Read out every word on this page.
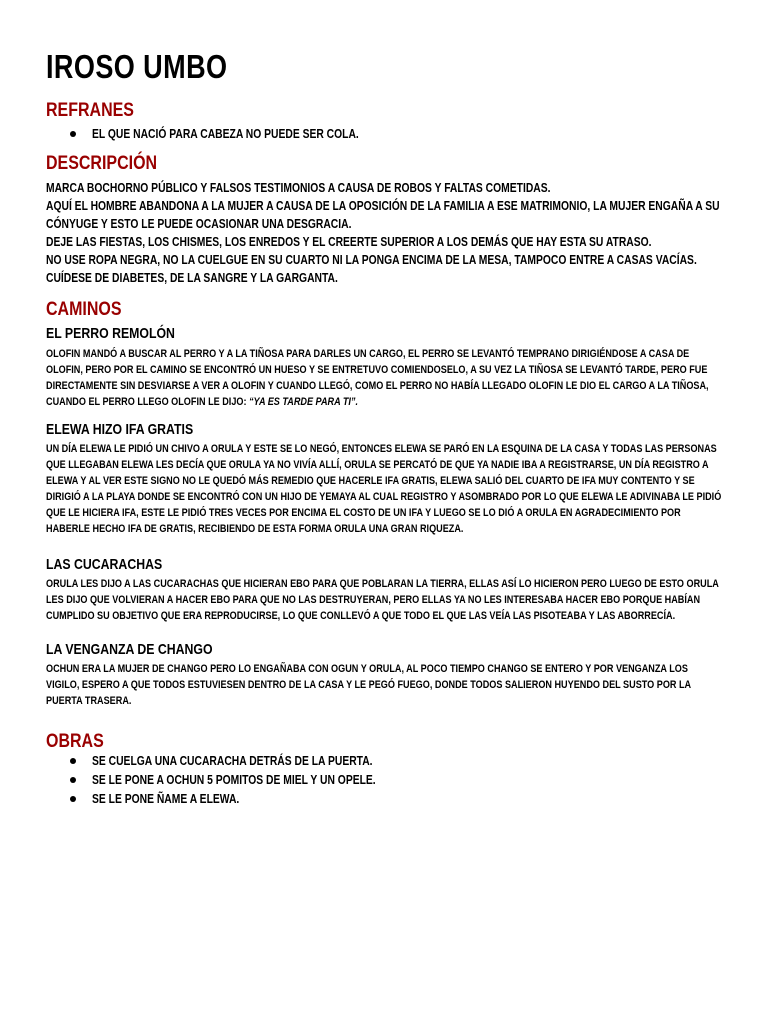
IROSO UMBO
REFRANES
EL QUE NACIÓ PARA CABEZA NO PUEDE SER COLA.
DESCRIPCIÓN

MARCA BOCHORNO PÚBLICO Y FALSOS TESTIMONIOS A CAUSA DE ROBOS Y FALTAS COMETIDAS.

AQUÍ EL HOMBRE ABANDONA A LA MUJER A CAUSA DE LA OPOSICIÓN DE LA FAMILIA A ESE MATRIMONIO, LA MUJER ENGAÑA A SU CÓNYUGE Y ESTO LE PUEDE OCASIONAR UNA DESGRACIA.

DEJE LAS FIESTAS, LOS CHISMES, LOS ENREDOS Y EL CREERTE SUPERIOR A LOS DEMÁS QUE HAY ESTA SU ATRASO.

NO USE ROPA NEGRA, NO LA CUELGUE EN SU CUARTO NI LA PONGA ENCIMA DE LA MESA, TAMPOCO ENTRE A CASAS VACÍAS.

CUÍDESE DE DIABETES, DE LA SANGRE Y LA GARGANTA.

CAMINOS
EL PERRO REMOLÓN

OLOFIN MANDÓ A BUSCAR AL PERRO Y A LA TIÑOSA PARA DARLES UN CARGO, EL PERRO SE LEVANTÓ TEMPRANO DIRIGIÉNDOSE A CASA DE OLOFIN, PERO POR EL CAMINO SE ENCONTRÓ UN HUESO Y SE ENTRETUVO COMIENDOSELO, A SU VEZ LA TIÑOSA SE LEVANTÓ TARDE, PERO FUE DIRECTAMENTE SIN DESVIARSE A VER A OLOFIN Y CUANDO LLEGÓ, COMO EL PERRO NO HABÍA LLEGADO OLOFIN LE DIO EL CARGO A LA TIÑOSA, CUANDO EL PERRO LLEGO OLOFIN LE DIJO: “YA ES TARDE PARA TI”.

ELEWA HIZO IFA GRATIS

UN DÍA ELEWA LE PIDIÓ UN CHIVO A ORULA Y ESTE SE LO NEGÓ, ENTONCES ELEWA SE PARÓ EN LA ESQUINA DE LA CASA Y TODAS LAS PERSONAS QUE LLEGABAN ELEWA LES DECÍA QUE ORULA YA NO VIVÍA ALLÍ, ORULA SE PERCATÓ DE QUE YA NADIE IBA A REGISTRARSE, UN DÍA REGISTRO A ELEWA Y AL VER ESTE SIGNO NO LE QUEDÓ MÁS REMEDIO QUE HACERLE IFA GRATIS, ELEWA SALIÓ DEL CUARTO DE IFA MUY CONTENTO Y SE DIRIGIÓ A LA PLAYA DONDE SE ENCONTRÓ CON UN HIJO DE YEMAYA AL CUAL REGISTRO Y ASOMBRADO POR LO QUE ELEWA LE ADIVINABA LE PIDIÓ QUE LE HICIERA IFA, ESTE LE PIDIÓ TRES VECES POR ENCIMA EL COSTO DE UN IFA Y LUEGO SE LO DIÓ A ORULA EN AGRADECIMIENTO POR HABERLE HECHO IFA DE GRATIS, RECIBIENDO DE ESTA FORMA ORULA UNA GRAN RIQUEZA.

LAS CUCARACHAS

ORULA LES DIJO A LAS CUCARACHAS QUE HICIERAN EBO PARA QUE POBLARAN LA TIERRA, ELLAS ASÍ LO HICIERON PERO LUEGO DE ESTO ORULA LES DIJO QUE VOLVIERAN A HACER EBO PARA QUE NO LAS DESTRUYERAN, PERO ELLAS YA NO LES INTERESABA HACER EBO PORQUE HABÍAN CUMPLIDO SU OBJETIVO QUE ERA REPRODUCIRSE, LO QUE CONLLEVÓ A QUE TODO EL QUE LAS VEÍA LAS PISOTEABA Y LAS ABORRECÍA.

LA VENGANZA DE CHANGO

OCHUN ERA LA MUJER DE CHANGO PERO LO ENGAÑABA CON OGUN Y ORULA, AL POCO TIEMPO CHANGO SE ENTERO Y POR VENGANZA LOS VIGILO, ESPERO A QUE TODOS ESTUVIESEN DENTRO DE LA CASA Y LE PEGÓ FUEGO, DONDE TODOS SALIERON HUYENDO DEL SUSTO POR LA PUERTA TRASERA.

OBRAS
SE CUELGA UNA CUCARACHA DETRÁS DE LA PUERTA.
SE LE PONE A OCHUN 5 POMITOS DE MIEL Y UN OPELE.
SE LE PONE ÑAME A ELEWA.
